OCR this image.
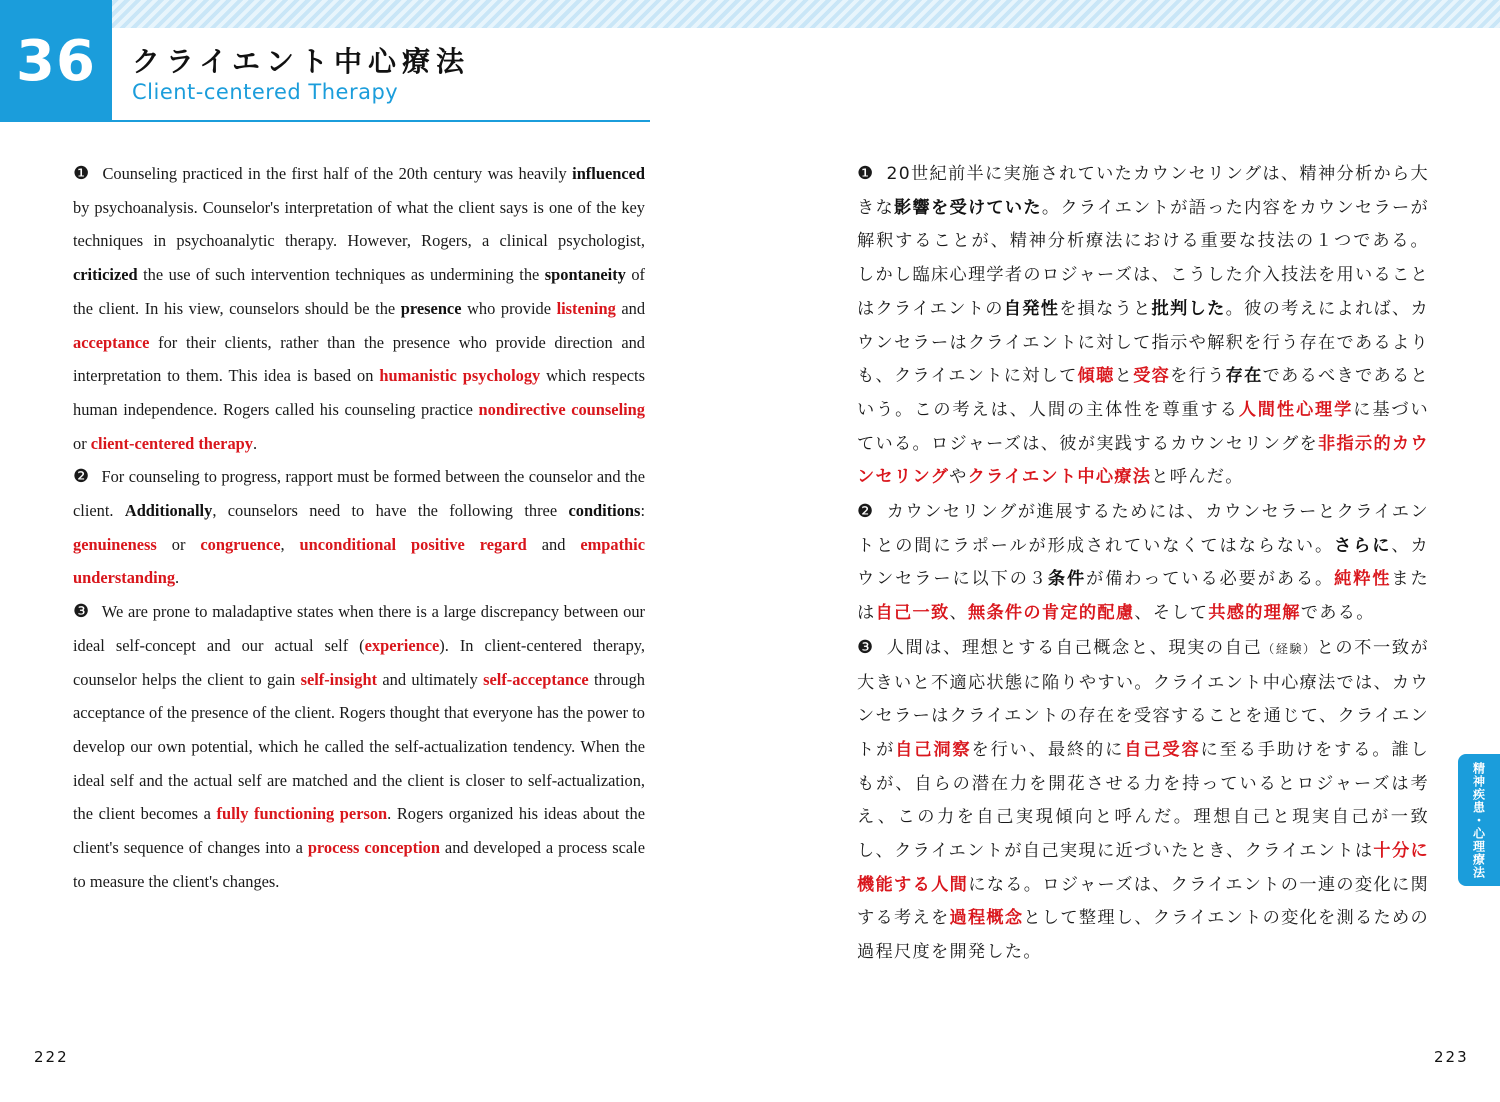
36	クライエント中心療法
Client-centered Therapy

❶ Counseling practiced in the first half of the 20th century was heavily influenced by psychoanalysis. Counselor's interpretation of what the client says is one of the key techniques in psychoanalytic therapy. However, Rogers, a clinical psychologist, criticized the use of such intervention techniques as undermining the spontaneity of the client. In his view, counselors should be the presence who provide listening and acceptance for their clients, rather than the presence who provide direction and interpretation to them. This idea is based on humanistic psychology which respects human independence. Rogers called his counseling practice nondirective counseling or client-centered therapy.

❷ For counseling to progress, rapport must be formed between the counselor and the client. Additionally, counselors need to have the following three conditions: genuineness or congruence, unconditional positive regard and empathic understanding.

❸ We are prone to maladaptive states when there is a large discrepancy between our ideal self-concept and our actual self (experience). In client-centered therapy, counselor helps the client to gain self-insight and ultimately self-acceptance through acceptance of the presence of the client. Rogers thought that everyone has the power to develop our own potential, which he called the self-actualization tendency. When the ideal self and the actual self are matched and the client is closer to self-actualization, the client becomes a fully functioning person. Rogers organized his ideas about the client's sequence of changes into a process conception and developed a process scale to measure the client's changes.

❶ 20世紀前半に実施されていたカウンセリングは、精神分析から大きな影響を受けていた。クライエントが語った内容をカウンセラーが解釈することが、精神分析療法における重要な技法の１つである。しかし臨床心理学者のロジャーズは、こうした介入技法を用いることはクライエントの自発性を損なうと批判した。彼の考えによれば、カウンセラーはクライエントに対して指示や解釈を行う存在であるよりも、クライエントに対して傾聴と受容を行う存在であるべきであるという。この考えは、人間の主体性を尊重する人間性心理学に基づいている。ロジャーズは、彼が実践するカウンセリングを非指示的カウンセリングやクライエント中心療法と呼んだ。

❷ カウンセリングが進展するためには、カウンセラーとクライエントとの間にラポールが形成されていなくてはならない。さらに、カウンセラーに以下の３条件が備わっている必要がある。純粋性または自己一致、無条件の肯定的配慮、そして共感的理解である。

❸ 人間は、理想とする自己概念と、現実の自己（経験）との不一致が大きいと不適応状態に陥りやすい。クライエント中心療法では、カウンセラーはクライエントの存在を受容することを通じて、クライエントが自己洞察を行い、最終的に自己受容に至る手助けをする。誰しもが、自らの潜在力を開花させる力を持っているとロジャーズは考え、この力を自己実現傾向と呼んだ。理想自己と現実自己が一致し、クライエントが自己実現に近づいたとき、クライエントは十分に機能する人間になる。ロジャーズは、クライエントの一連の変化に関する考えを過程概念として整理し、クライエントの変化を測るための過程尺度を開発した。

精神疾患・心理療法
222	223
